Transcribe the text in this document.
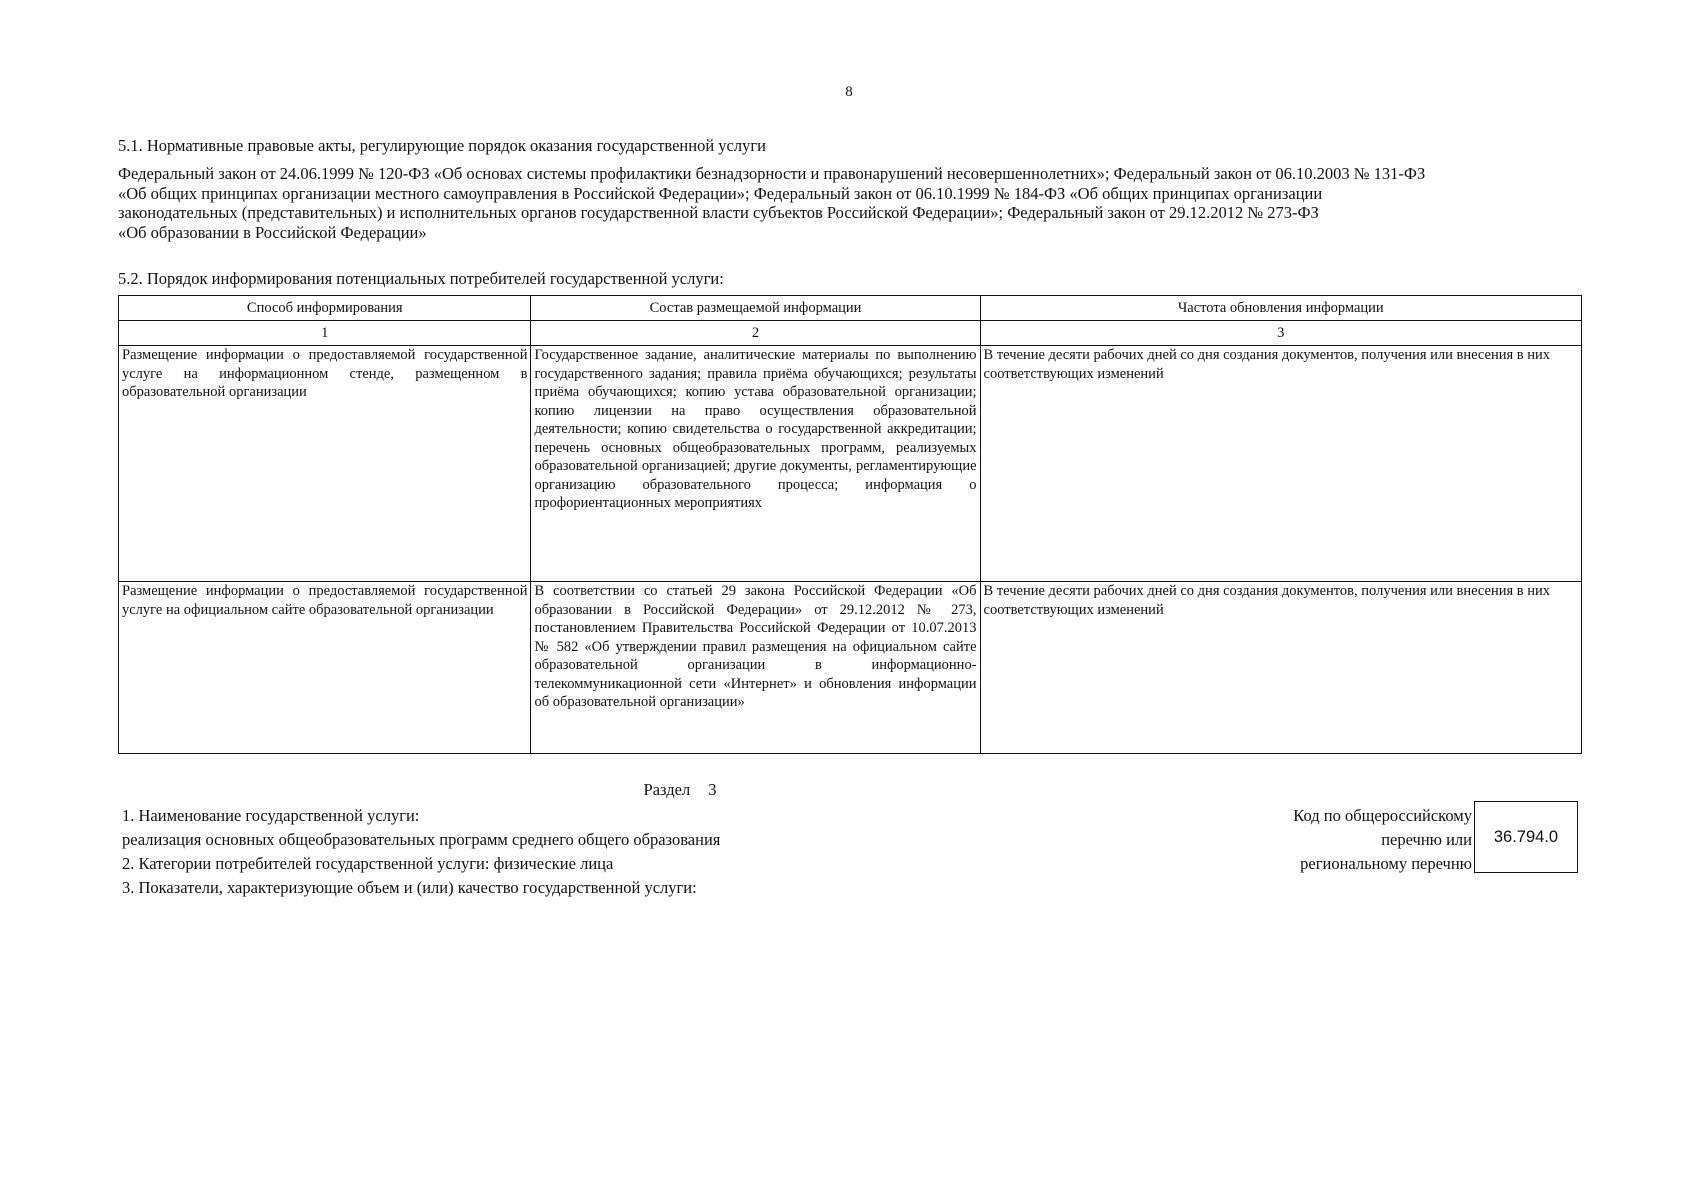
8
5.1. Нормативные правовые акты, регулирующие порядок оказания государственной услуги
Федеральный закон от 24.06.1999 № 120-ФЗ «Об основах системы профилактики безнадзорности и правонарушений несовершеннолетних»; Федеральный закон от 06.10.2003 № 131-ФЗ
«Об общих принципах организации местного самоуправления в Российской Федерации»; Федеральный закон от 06.10.1999 № 184-ФЗ «Об общих принципах организации
законодательных (представительных) и исполнительных органов государственной власти субъектов Российской Федерации»; Федеральный закон от 29.12.2012 № 273-ФЗ
«Об образовании в Российской Федерации»
5.2. Порядок информирования потенциальных потребителей государственной услуги:
Способ информирования	Состав размещаемой информации	Частота обновления информации
1	2	3
Размещение информации о предоставляемой государственной услуге на информационном стенде, размещенном в образовательной организации	Государственное задание, аналитические материалы по выполнению государственного задания; правила приёма обучающихся; результаты приёма обучающихся; копию устава образовательной организации; копию лицензии на право осуществления образовательной деятельности; копию свидетельства о государственной аккредитации; перечень основных общеобразовательных программ, реализуемых образовательной организацией; другие документы, регламентирующие организацию образовательного процесса; информация о профориентационных мероприятиях	В течение десяти рабочих дней со дня создания документов, получения или внесения в них соответствующих изменений
Размещение информации о предоставляемой государственной услуге на официальном сайте образовательной организации	В соответствии со статьей 29 закона Российской Федерации «Об образовании в Российской Федерации» от 29.12.2012 № 273, постановлением Правительства Российской Федерации от 10.07.2013 № 582 «Об утверждении правил размещения на официальном сайте образовательной организации в информационно-телекоммуникационной сети «Интернет» и обновления информации об образовательной организации»	В течение десяти рабочих дней со дня создания документов, получения или внесения в них соответствующих изменений
Раздел 3
1. Наименование государственной услуги:
реализация основных общеобразовательных программ среднего общего образования
2. Категории потребителей государственной услуги: физические лица
3. Показатели, характеризующие объем и (или) качество государственной услуги:
Код по общероссийскому
перечню или
региональному перечню
36.794.0
